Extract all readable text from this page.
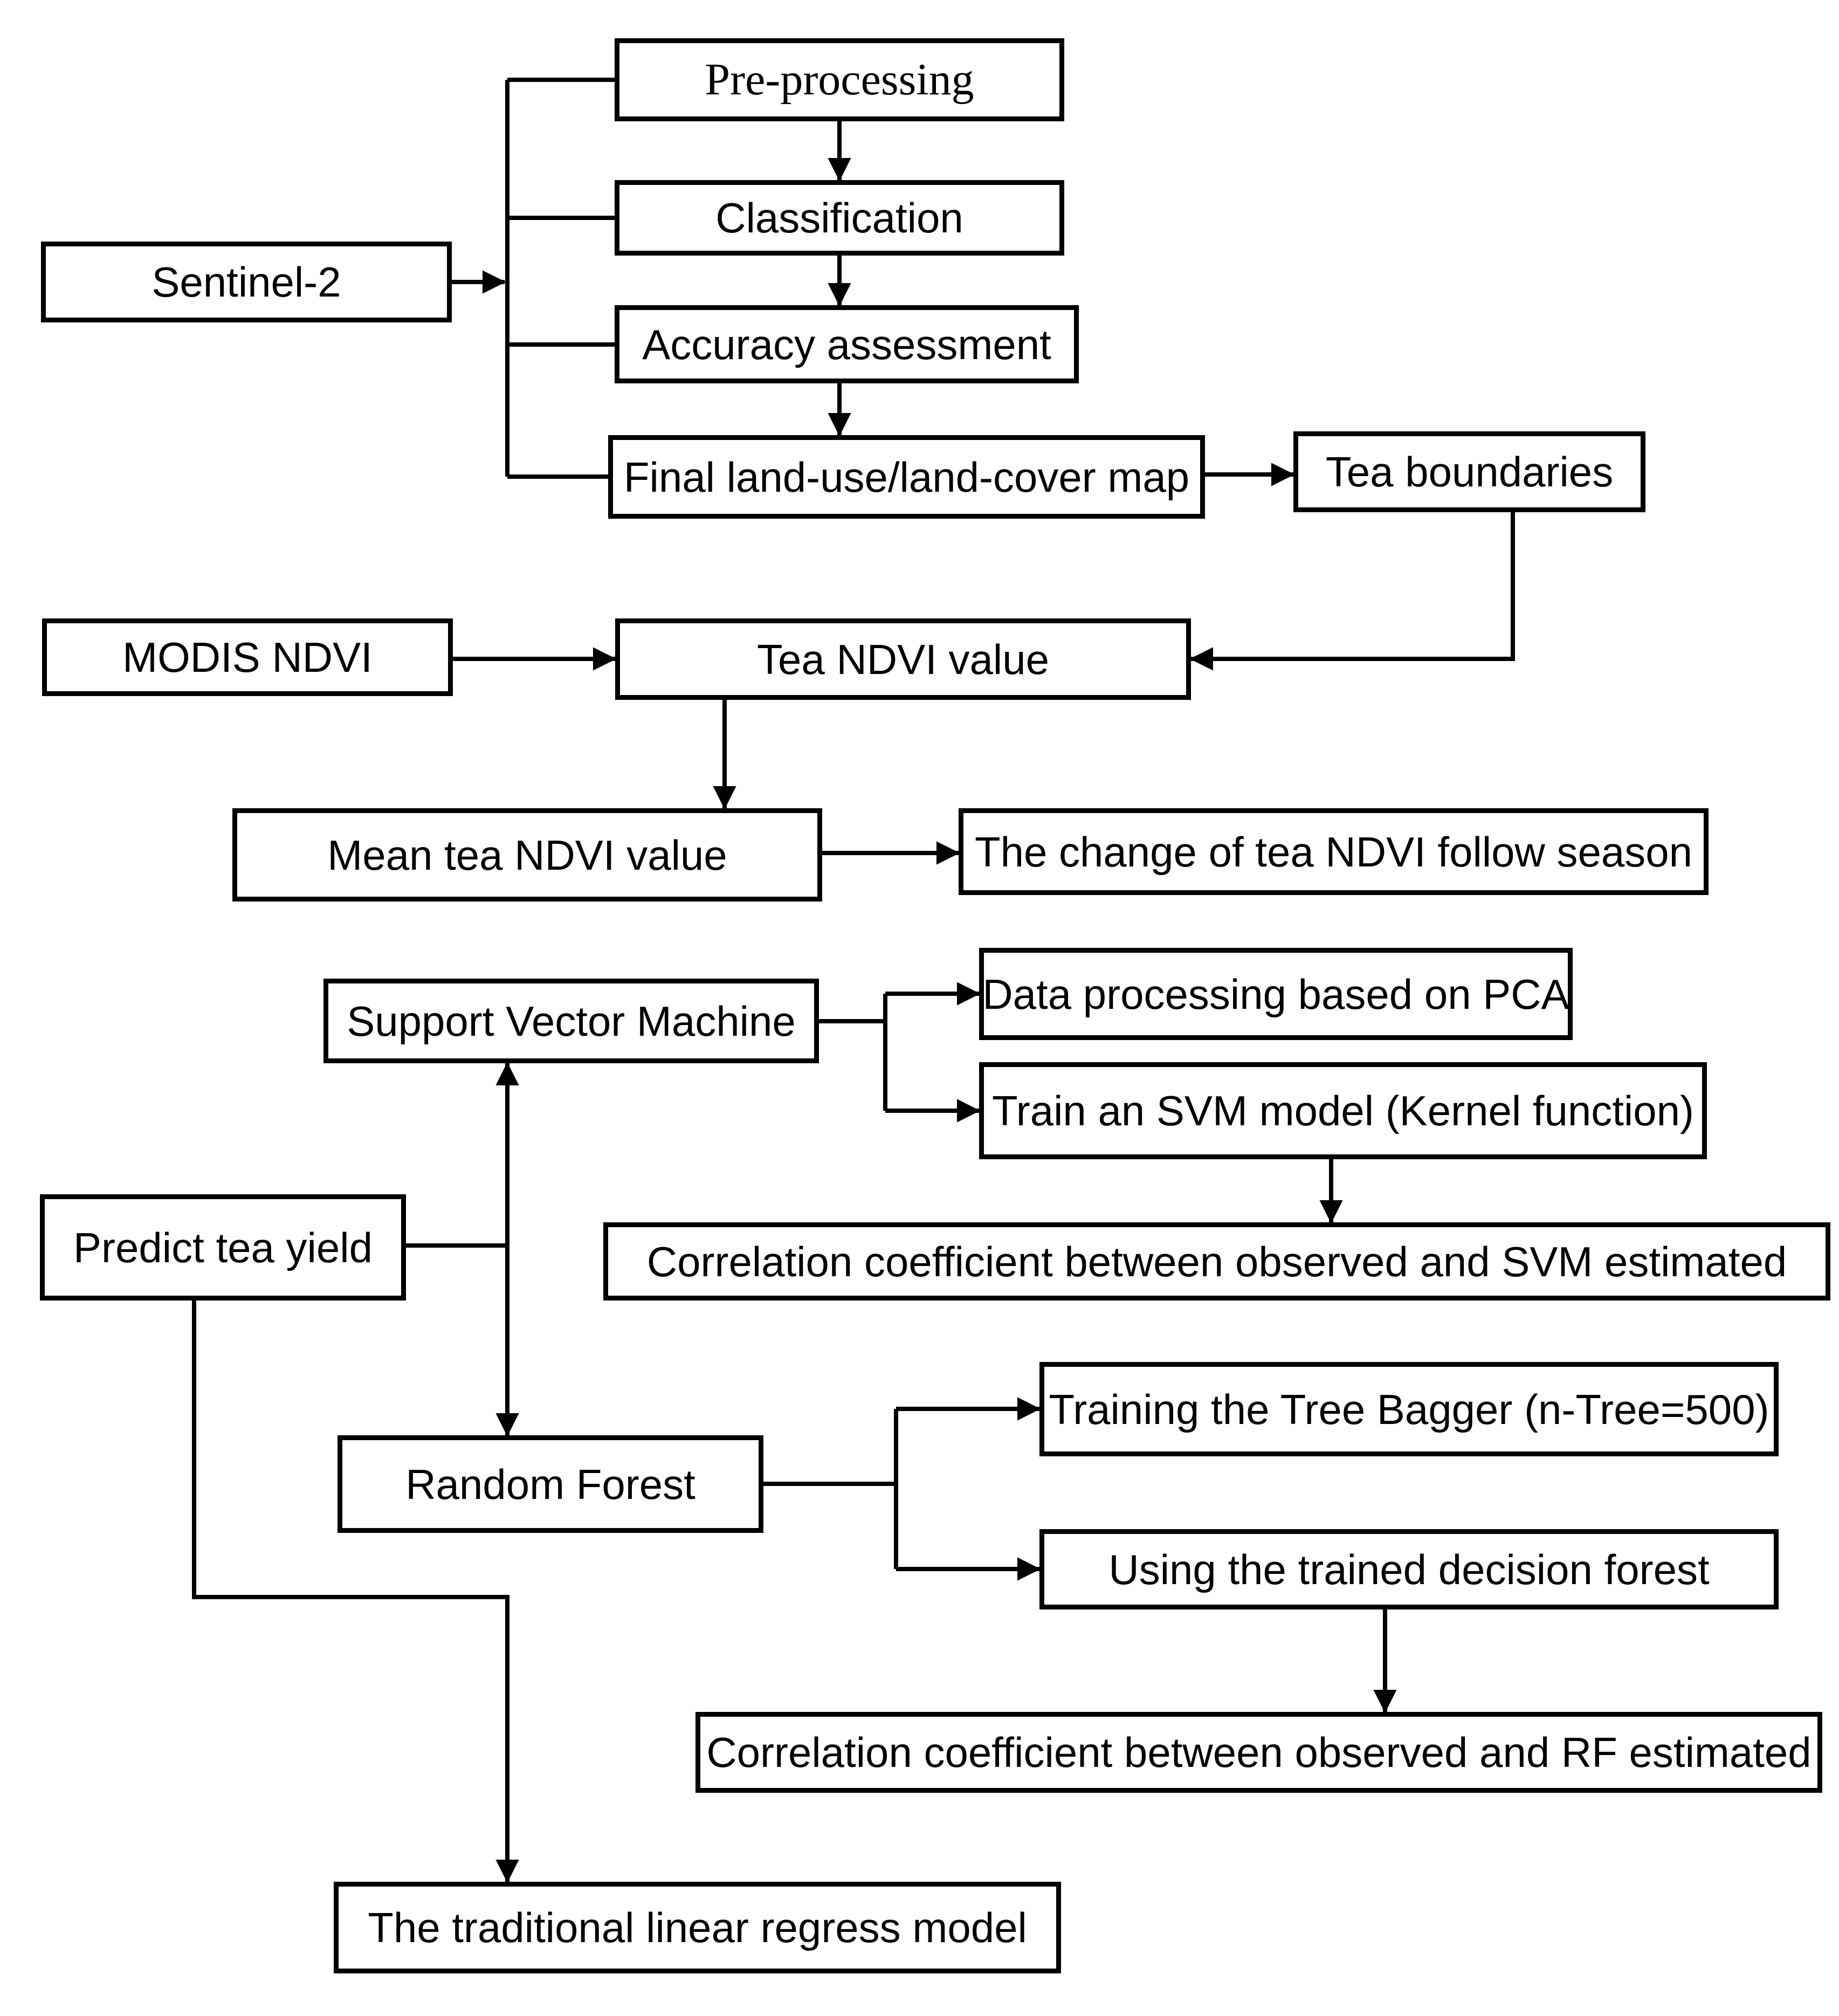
Sentinel-2
Pre-processing
Classification
Accuracy assessment
Final land-use/land-cover map	Tea boundaries
MODIS NDVI	Tea NDVI value
Mean tea NDVI value	The change of tea NDVI follow season
Support Vector Machine
Data processing based on PCA
Train an SVM model (Kernel function)
Correlation coefficient between observed and SVM estimated
Predict tea yield
Random Forest
Training the Tree Bagger (n-Tree=500)
Using the trained decision forest
Correlation coefficient between observed and RF estimated
The traditional linear regress model
